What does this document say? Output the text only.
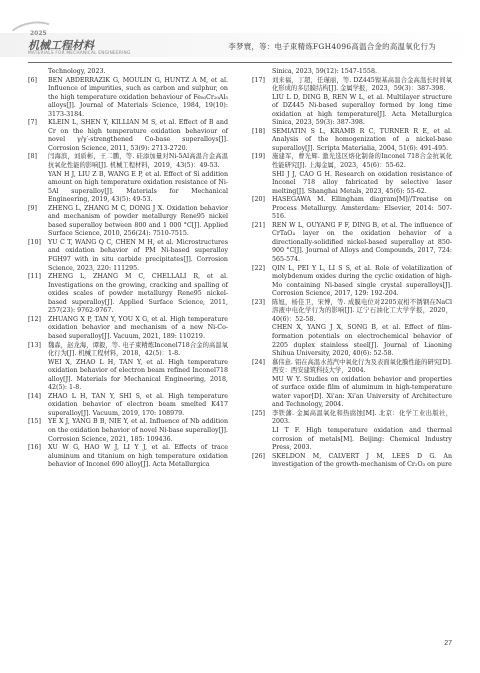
2025
机械工程材料
MATERIALS FOR MECHANICAL ENGINEERING
李梦寰，等：电子束精炼FGH4096高温合金的高温氧化行为
Technology, 2023.
[6]	BEN ABDERRAZIK G, MOULIN G, HUNTZ A M, et al. Influence of impurities, such as carbon and sulphur, on the high temperature oxidation behaviour of Fe₈₀Cr₂₀Al₅ alloys[J]. Journal of Materials Science, 1984, 19(10): 3173-3184.
[7]	KLEIN L, SHEN Y, KILLIAN M S, et al. Effect of B and Cr on the high temperature oxidation behaviour of novel γ/γ′-strengthened Co-base superalloys[J]. Corrosion Science, 2011, 53(9): 2713-2720.
[8]	闫海滨，刘质彬，王二鹏，等. 硅添加量对Ni-5Al高温合金高温抗氧化性能的影响[J]. 机械工程材料，2019，43(5)：49-53.
YAN H J, LIU Z B, WANG E P, et al. Effect of Si addition amount on high temperature oxidation resistance of Ni-5Al superalloy[J]. Materials for Mechanical Engineering, 2019, 43(5): 49-53.
[9]	ZHENG L, ZHANG M C, DONG J X. Oxidation behavior and mechanism of powder metallurgy Rene95 nickel based superalloy between 800 and 1 000 °C[J]. Applied Surface Science, 2010, 256(24): 7510-7515.
[10]	YU C T, WANG Q C, CHEN M H, et al. Microstructures and oxidation behavior of PM Ni-based superalloy FGH97 with in situ carbide precipitates[J]. Corrosion Science, 2023, 220: 111295.
[11]	ZHENG L, ZHANG M C, CHELLALI R, et al. Investigations on the growing, cracking and spalling of oxides scales of powder metallurgy Rene95 nickel-based superalloy[J]. Applied Surface Science, 2011, 257(23): 9762-9767.
[12]	ZHUANG X P, TAN Y, YOU X G, et al. High temperature oxidation behavior and mechanism of a new Ni-Co-based superalloy[J]. Vacuum, 2021, 189: 110219.
[13]	魏森，赵龙海，谭毅，等. 电子束精炼Inconel718合金的高温氧化行为[J]. 机械工程材料，2018，42(5)：1-8.
WEI X, ZHAO L H, TAN Y, et al. High temperature oxidation behavior of electron beam refined Inconel718 alloy[J]. Materials for Mechanical Engineering, 2018, 42(5): 1-8.
[14]	ZHAO L H, TAN Y, SHI S, et al. High temperature oxidation behavior of electron beam smelted K417 superalloy[J]. Vacuum, 2019, 170: 108979.
[15]	YE X J, YANG B B, NIE Y, et al. Influence of Nb addition on the oxidation behavior of novel Ni-base superalloy[J]. Corrosion Science, 2021, 185: 109436.
[16]	XU W G, HAO W J, LI Y J, et al. Effects of trace aluminum and titanium on high temperature oxidation behavior of Inconel 690 alloy[J]. Acta Metallurgica
Sinica, 2023, 59(12): 1547-1558.
[17]	刘来福，丁超，任瑾丽，等. DZ445镍基高温合金高温长时间氧化形成的多层膜结构[J]. 金属学报，2023，59(3)：387-398.
LIU L D, DING B, REN W L, et al. Multilayer structure of DZ445 Ni-based superalloy formed by long time oxidation at high temperature[J]. Acta Metallurgica Sinica, 2023, 59(3): 387-398.
[18]	SEMIATIN S L, KRAMB R C, TURNER R E, et al. Analysis of the homogenization of a nickel-base superalloy[J]. Scripta Materialia, 2004, 51(6): 491-495.
[19]	施建军，曹光辉. 激光选区熔化制备的Inconel 718合金抗氧化性能研究[J]. 上海金属，2023，45(6)：55-62.
SHI J J, CAO G H. Research on oxidation resistance of Inconel 718 alloy fabricated by selective laser melting[J]. Shanghai Metals, 2023, 45(6): 55-62.
[20]	HASEGAWA M. Ellingham diagram[M]//Treatise on Process Metallurgy. Amsterdam: Elsevier, 2014: 507-516.
[21]	REN W L, OUYANG F F, DING B, et al. The influence of CrTaO₄ layer on the oxidation behavior of a directionally-solidified nickel-based superalloy at 850-900 °C[J]. Journal of Alloys and Compounds, 2017, 724: 565-574.
[22]	QIN L, PEI Y L, LI S S, et al. Role of volatilization of molybdenum oxides during the cyclic oxidation of high-Mo containing Ni-based single crystal superalloys[J]. Corrosion Science, 2017, 129: 192-204.
[23]	陈旭，杨佳卫，宋博，等. 成膜电位对2205双相不锈钢在NaCl溶液中电化学行为的影响[J]. 辽宁石油化工大学学报，2020，40(6)：52-58.
CHEN X, YANG J X, SONG B, et al. Effect of film-formation potentials on electrochemical behavior of 2205 duplex stainless steel[J]. Journal of Liaoning Shihua University, 2020, 40(6): 52-58.
[24]	慕伟意. 铝在高温水蒸汽中氧化行为及表面氧化膜性能的研究[D]. 西安：西安建筑科技大学，2004.
MU W Y. Studies on oxidation behavior and properties of surface oxide film of aluminum in high-temperature water vapor[D]. Xi'an: Xi'an University of Architecture and Technology, 2004.
[25]	李铁藩. 金属高温氧化和热腐蚀[M]. 北京：化学工业出版社，2003.
LI T F. High temperature oxidation and thermal corrosion of metals[M]. Beijing: Chemical Industry Press, 2003.
[26]	SKELDON M, CALVERT J M, LEES D G. An investigation of the growth-mechanism of Cr₂O₃ on pure
27
